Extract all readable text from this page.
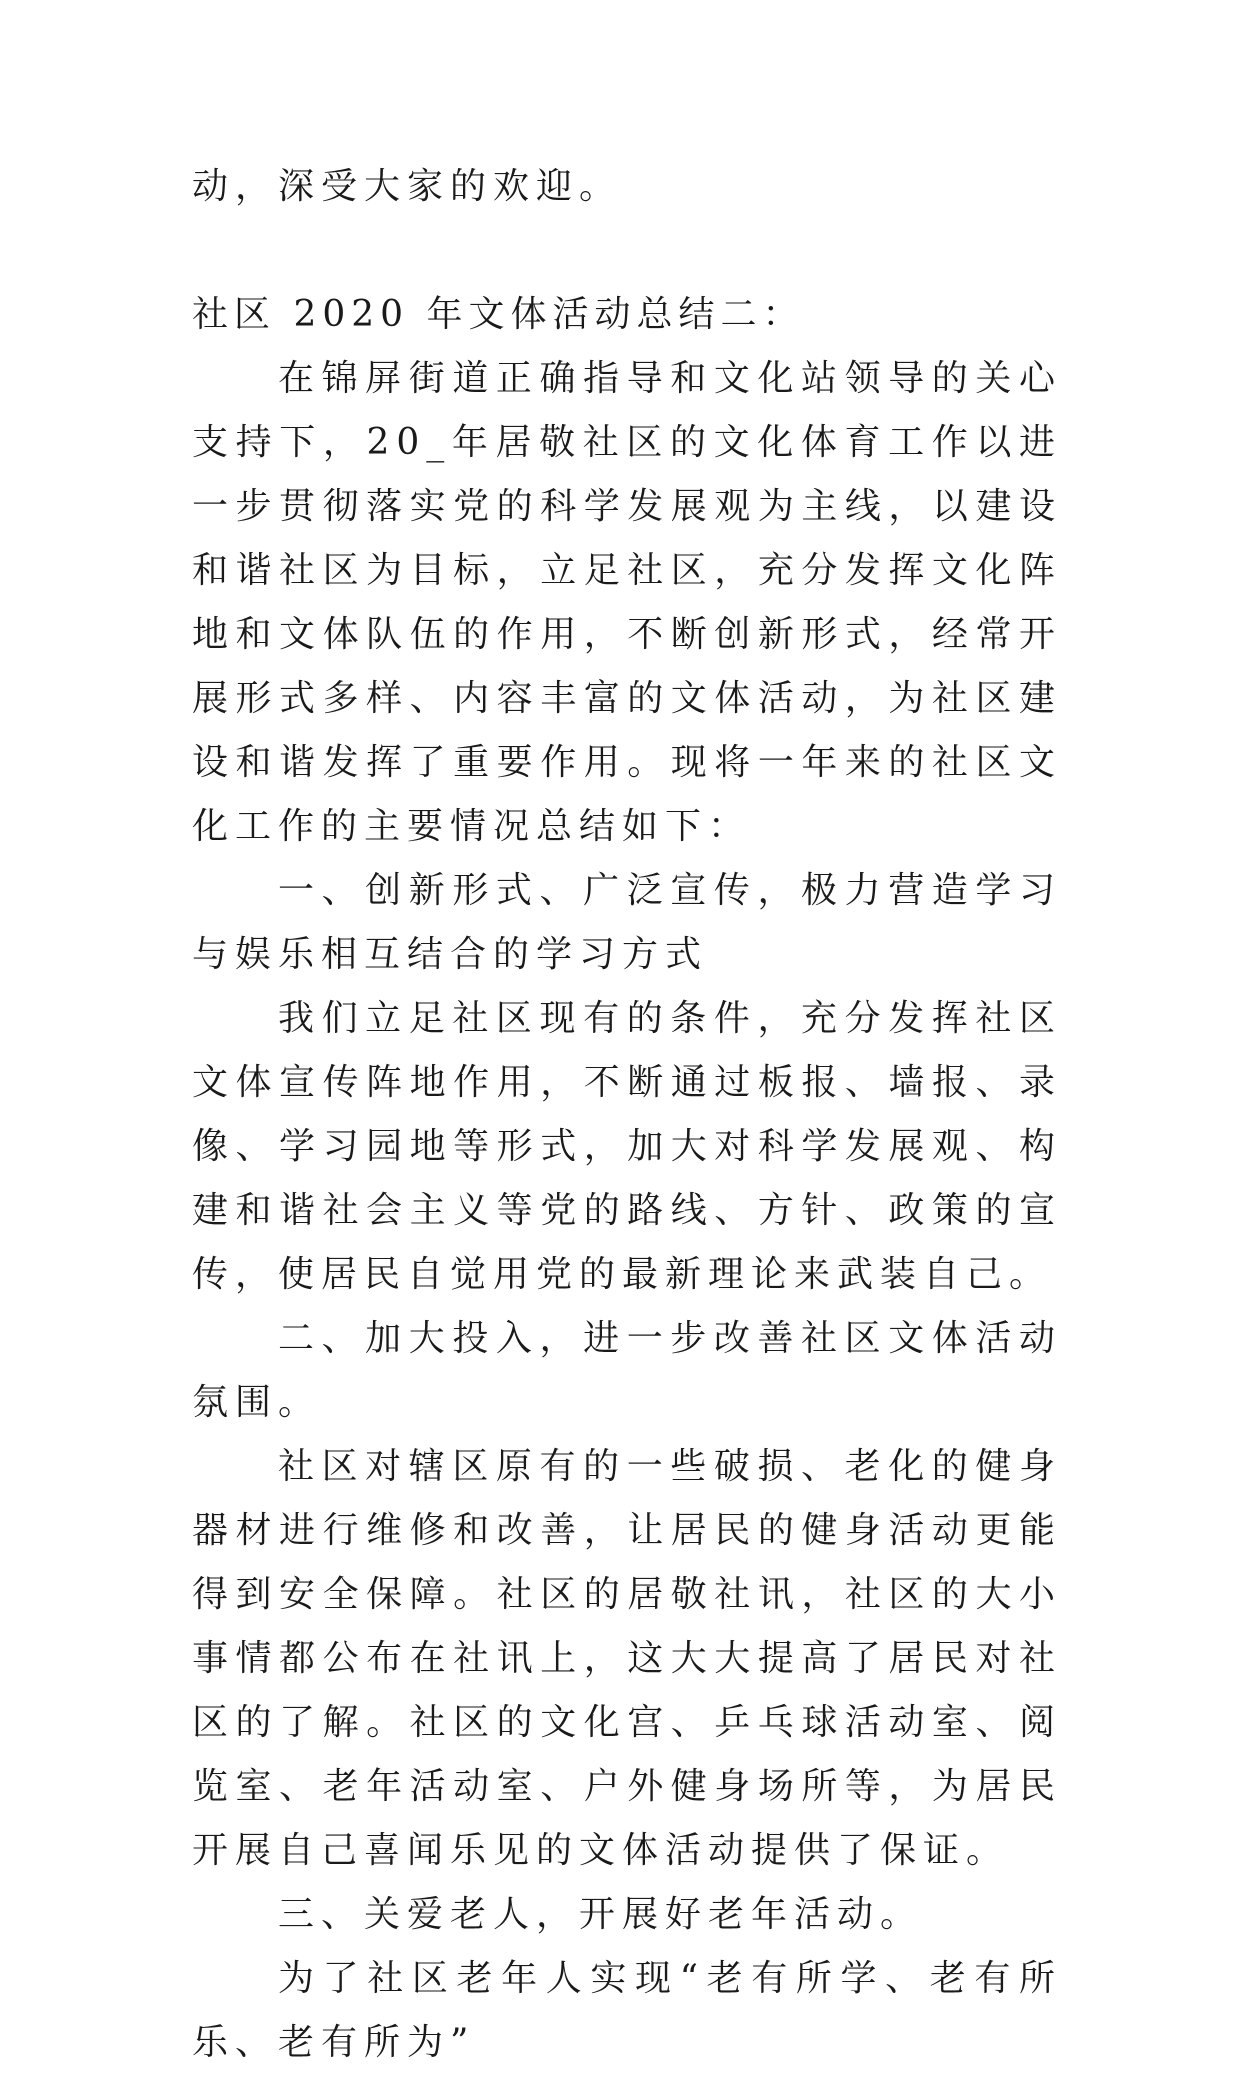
动，深受大家的欢迎。

社区 2020 年文体活动总结二：

在锦屏街道正确指导和文化站领导的关心支持下，20_年居敬社区的文化体育工作以进一步贯彻落实党的科学发展观为主线，以建设和谐社区为目标，立足社区，充分发挥文化阵地和文体队伍的作用，不断创新形式，经常开展形式多样、内容丰富的文体活动，为社区建设和谐发挥了重要作用。现将一年来的社区文化工作的主要情况总结如下：

一、创新形式、广泛宣传，极力营造学习与娱乐相互结合的学习方式

我们立足社区现有的条件，充分发挥社区文体宣传阵地作用，不断通过板报、墙报、录像、学习园地等形式，加大对科学发展观、构建和谐社会主义等党的路线、方针、政策的宣传，使居民自觉用党的最新理论来武装自己。

二、加大投入，进一步改善社区文体活动氛围。

社区对辖区原有的一些破损、老化的健身器材进行维修和改善，让居民的健身活动更能得到安全保障。社区的居敬社讯，社区的大小事情都公布在社讯上，这大大提高了居民对社区的了解。社区的文化宫、乒乓球活动室、阅览室、老年活动室、户外健身场所等，为居民开展自己喜闻乐见的文体活动提供了保证。

三、关爱老人，开展好老年活动。

为了社区老年人实现“老有所学、老有所乐、老有所为”
